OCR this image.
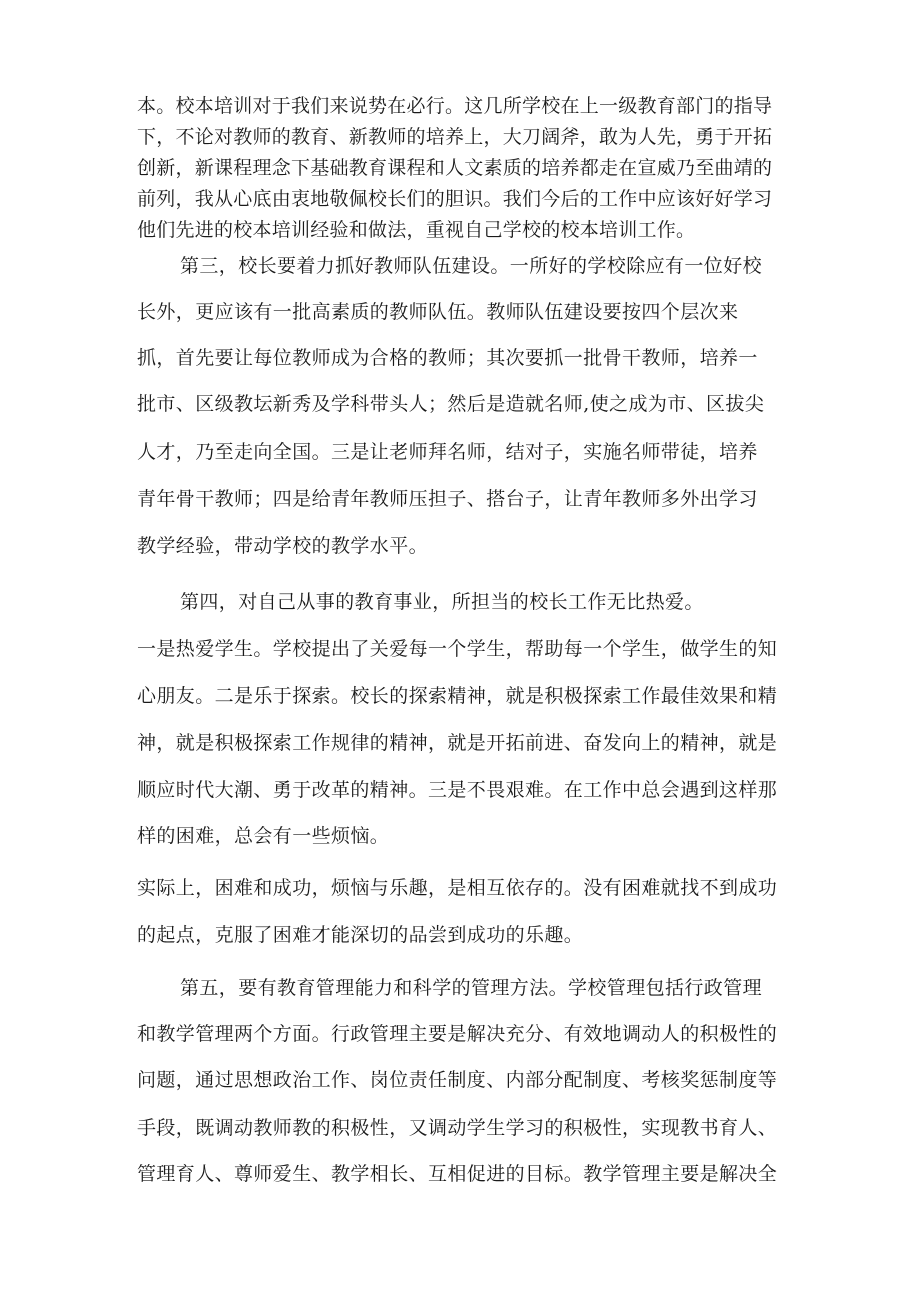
本。校本培训对于我们来说势在必行。这几所学校在上一级教育部门的指导
下，不论对教师的教育、新教师的培养上，大刀阔斧，敢为人先，勇于开拓
创新，新课程理念下基础教育课程和人文素质的培养都走在宣威乃至曲靖的
前列，我从心底由衷地敬佩校长们的胆识。我们今后的工作中应该好好学习
他们先进的校本培训经验和做法，重视自己学校的校本培训工作。
第三，校长要着力抓好教师队伍建设。一所好的学校除应有一位好校
长外，更应该有一批高素质的教师队伍。教师队伍建设要按四个层次来
抓，首先要让每位教师成为合格的教师；其次要抓一批骨干教师，培养一
批市、区级教坛新秀及学科带头人；然后是造就名师,使之成为市、区拔尖
人才，乃至走向全国。三是让老师拜名师，结对子，实施名师带徒，培养
青年骨干教师；四是给青年教师压担子、搭台子，让青年教师多外出学习
教学经验，带动学校的教学水平。
第四，对自己从事的教育事业，所担当的校长工作无比热爱。
一是热爱学生。学校提出了关爱每一个学生，帮助每一个学生，做学生的知
心朋友。二是乐于探索。校长的探索精神，就是积极探索工作最佳效果和精
神，就是积极探索工作规律的精神，就是开拓前进、奋发向上的精神，就是
顺应时代大潮、勇于改革的精神。三是不畏艰难。在工作中总会遇到这样那
样的困难，总会有一些烦恼。
实际上，困难和成功，烦恼与乐趣，是相互依存的。没有困难就找不到成功
的起点，克服了困难才能深切的品尝到成功的乐趣。
第五，要有教育管理能力和科学的管理方法。学校管理包括行政管理
和教学管理两个方面。行政管理主要是解决充分、有效地调动人的积极性的
问题，通过思想政治工作、岗位责任制度、内部分配制度、考核奖惩制度等
手段，既调动教师教的积极性，又调动学生学习的积极性，实现教书育人、
管理育人、尊师爱生、教学相长、互相促进的目标。教学管理主要是解决全
